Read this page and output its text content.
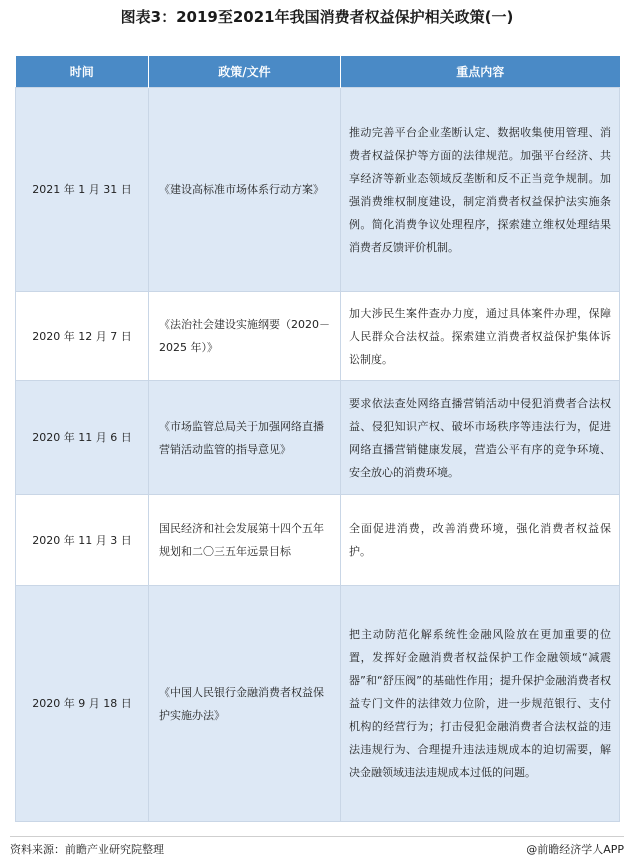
图表3：2019至2021年我国消费者权益保护相关政策(一)
时间	政策/文件	重点内容
2021 年 1 月 31 日	《建设高标准市场体系行动方案》	推动完善平台企业垄断认定、数据收集使用管理、消费者权益保护等方面的法律规范。加强平台经济、共享经济等新业态领域反垄断和反不正当竞争规制。加强消费维权制度建设，制定消费者权益保护法实施条例。简化消费争议处理程序，探索建立维权处理结果消费者反馈评价机制。
2020 年 12 月 7 日	《法治社会建设实施纲要（2020－2025 年）》	加大涉民生案件查办力度，通过具体案件办理，保障人民群众合法权益。探索建立消费者权益保护集体诉讼制度。
2020 年 11 月 6 日	《市场监管总局关于加强网络直播营销活动监管的指导意见》	要求依法查处网络直播营销活动中侵犯消费者合法权益、侵犯知识产权、破坏市场秩序等违法行为，促进网络直播营销健康发展，营造公平有序的竞争环境、安全放心的消费环境。
2020 年 11 月 3 日	国民经济和社会发展第十四个五年规划和二〇三五年远景目标	全面促进消费，改善消费环境，强化消费者权益保护。
2020 年 9 月 18 日	《中国人民银行金融消费者权益保护实施办法》	把主动防范化解系统性金融风险放在更加重要的位置，发挥好金融消费者权益保护工作金融领域“减震器”和“舒压阀”的基础性作用；提升保护金融消费者权益专门文件的法律效力位阶，进一步规范银行、支付机构的经营行为；打击侵犯金融消费者合法权益的违法违规行为、合理提升违法违规成本的迫切需要，解决金融领域违法违规成本过低的问题。
资料来源：前瞻产业研究院整理	@前瞻经济学人APP
